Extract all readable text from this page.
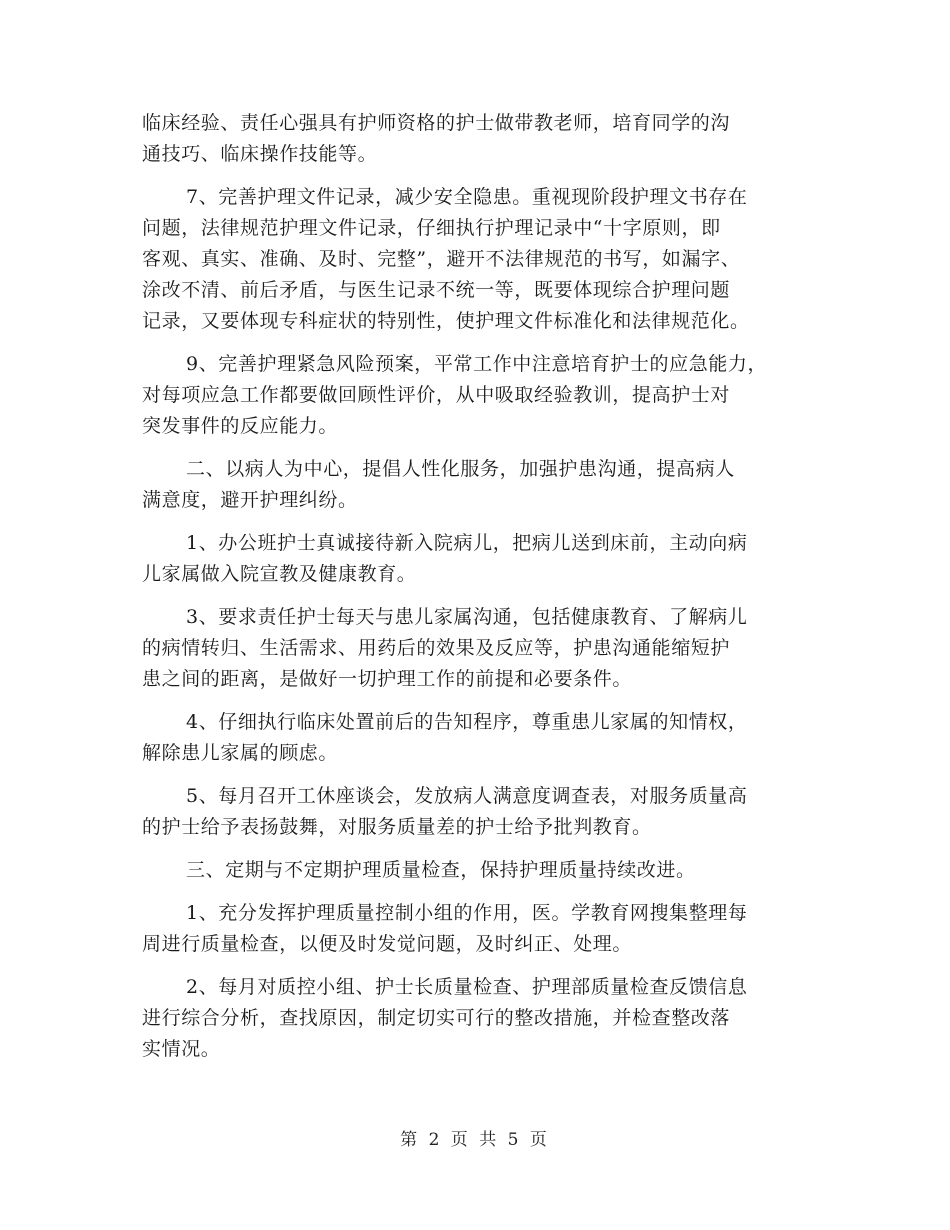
临床经验、责任心强具有护师资格的护士做带教老师，培育同学的沟
通技巧、临床操作技能等。
7、完善护理文件记录，减少安全隐患。重视现阶段护理文书存在
问题，法律规范护理文件记录，仔细执行护理记录中“十字原则，即
客观、真实、准确、及时、完整”，避开不法律规范的书写，如漏字、
涂改不清、前后矛盾，与医生记录不统一等，既要体现综合护理问题
记录，又要体现专科症状的特别性，使护理文件标准化和法律规范化。
9、完善护理紧急风险预案，平常工作中注意培育护士的应急能力，
对每项应急工作都要做回顾性评价，从中吸取经验教训，提高护士对
突发事件的反应能力。
二、以病人为中心，提倡人性化服务，加强护患沟通，提高病人
满意度，避开护理纠纷。
1、办公班护士真诚接待新入院病儿，把病儿送到床前，主动向病
儿家属做入院宣教及健康教育。
3、要求责任护士每天与患儿家属沟通，包括健康教育、了解病儿
的病情转归、生活需求、用药后的效果及反应等，护患沟通能缩短护
患之间的距离，是做好一切护理工作的前提和必要条件。
4、仔细执行临床处置前后的告知程序，尊重患儿家属的知情权，
解除患儿家属的顾虑。
5、每月召开工休座谈会，发放病人满意度调查表，对服务质量高
的护士给予表扬鼓舞，对服务质量差的护士给予批判教育。
三、定期与不定期护理质量检查，保持护理质量持续改进。
1、充分发挥护理质量控制小组的作用，医。学教育网搜集整理每
周进行质量检查，以便及时发觉问题，及时纠正、处理。
2、每月对质控小组、护士长质量检查、护理部质量检查反馈信息
进行综合分析，查找原因，制定切实可行的整改措施，并检查整改落
实情况。
第 2 页 共 5 页
